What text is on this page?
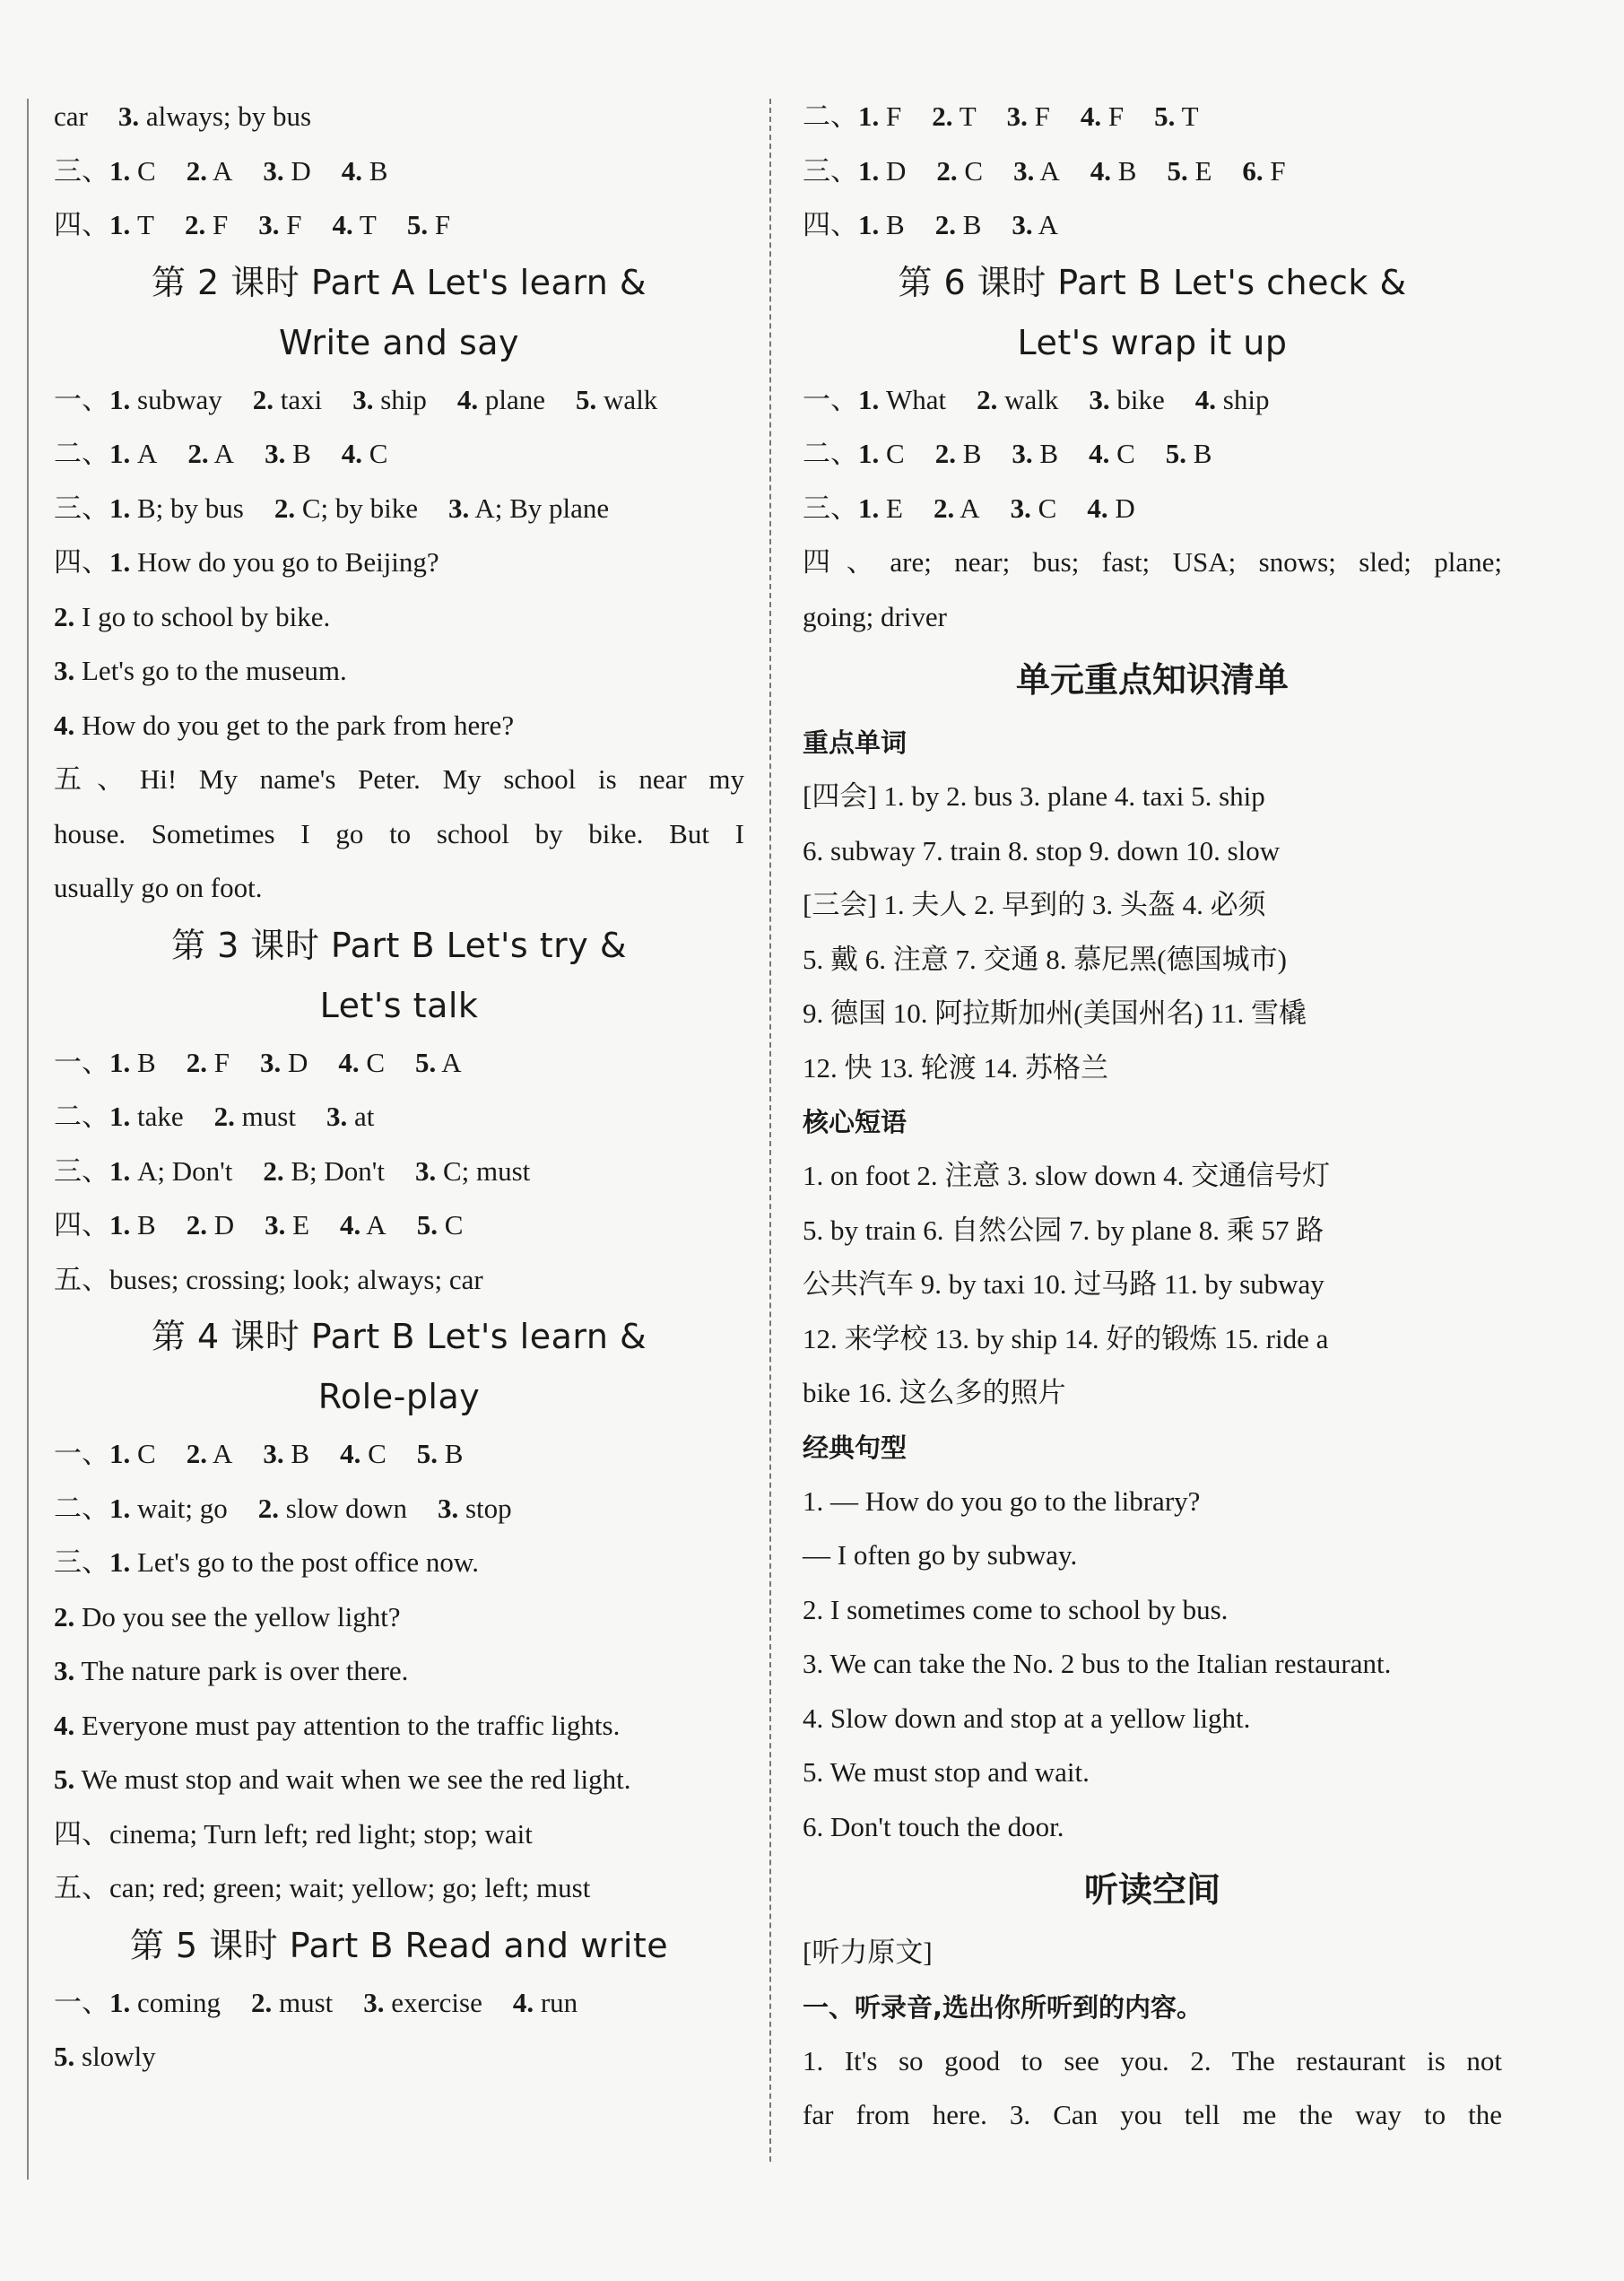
car 3. always; by bus
三、1. C 2. A 3. D 4. B
四、1. T 2. F 3. F 4. T 5. F
第 2 课时 Part A Let's learn &
Write and say
一、1. subway 2. taxi 3. ship 4. plane 5. walk
二、1. A 2. A 3. B 4. C
三、1. B; by bus 2. C; by bike 3. A; By plane
四、1. How do you go to Beijing?
2. I go to school by bike.
3. Let's go to the museum.
4. How do you get to the park from here?
五、Hi! My name's Peter. My school is near my
house. Sometimes I go to school by bike. But I
usually go on foot.
第 3 课时 Part B Let's try &
Let's talk
一、1. B 2. F 3. D 4. C 5. A
二、1. take 2. must 3. at
三、1. A; Don't 2. B; Don't 3. C; must
四、1. B 2. D 3. E 4. A 5. C
五、buses; crossing; look; always; car
第 4 课时 Part B Let's learn &
Role-play
一、1. C 2. A 3. B 4. C 5. B
二、1. wait; go 2. slow down 3. stop
三、1. Let's go to the post office now.
2. Do you see the yellow light?
3. The nature park is over there.
4. Everyone must pay attention to the traffic lights.
5. We must stop and wait when we see the red light.
四、cinema; Turn left; red light; stop; wait
五、can; red; green; wait; yellow; go; left; must
第 5 课时 Part B Read and write
一、1. coming 2. must 3. exercise 4. run
5. slowly
二、1. F 2. T 3. F 4. F 5. T
三、1. D 2. C 3. A 4. B 5. E 6. F
四、1. B 2. B 3. A
第 6 课时 Part B Let's check &
Let's wrap it up
一、1. What 2. walk 3. bike 4. ship
二、1. C 2. B 3. B 4. C 5. B
三、1. E 2. A 3. C 4. D
四、are; near; bus; fast; USA; snows; sled; plane;
going; driver
单元重点知识清单
重点单词
[四会] 1. by 2. bus 3. plane 4. taxi 5. ship
6. subway 7. train 8. stop 9. down 10. slow
[三会] 1. 夫人 2. 早到的 3. 头盔 4. 必须
5. 戴 6. 注意 7. 交通 8. 慕尼黑(德国城市)
9. 德国 10. 阿拉斯加州(美国州名) 11. 雪橇
12. 快 13. 轮渡 14. 苏格兰
核心短语
1. on foot 2. 注意 3. slow down 4. 交通信号灯
5. by train 6. 自然公园 7. by plane 8. 乘 57 路
公共汽车 9. by taxi 10. 过马路 11. by subway
12. 来学校 13. by ship 14. 好的锻炼 15. ride a
bike 16. 这么多的照片
经典句型
1. — How do you go to the library?
— I often go by subway.
2. I sometimes come to school by bus.
3. We can take the No. 2 bus to the Italian restaurant.
4. Slow down and stop at a yellow light.
5. We must stop and wait.
6. Don't touch the door.
听读空间
[听力原文]
一、听录音,选出你所听到的内容。
1. It's so good to see you. 2. The restaurant is not
far from here. 3. Can you tell me the way to the
